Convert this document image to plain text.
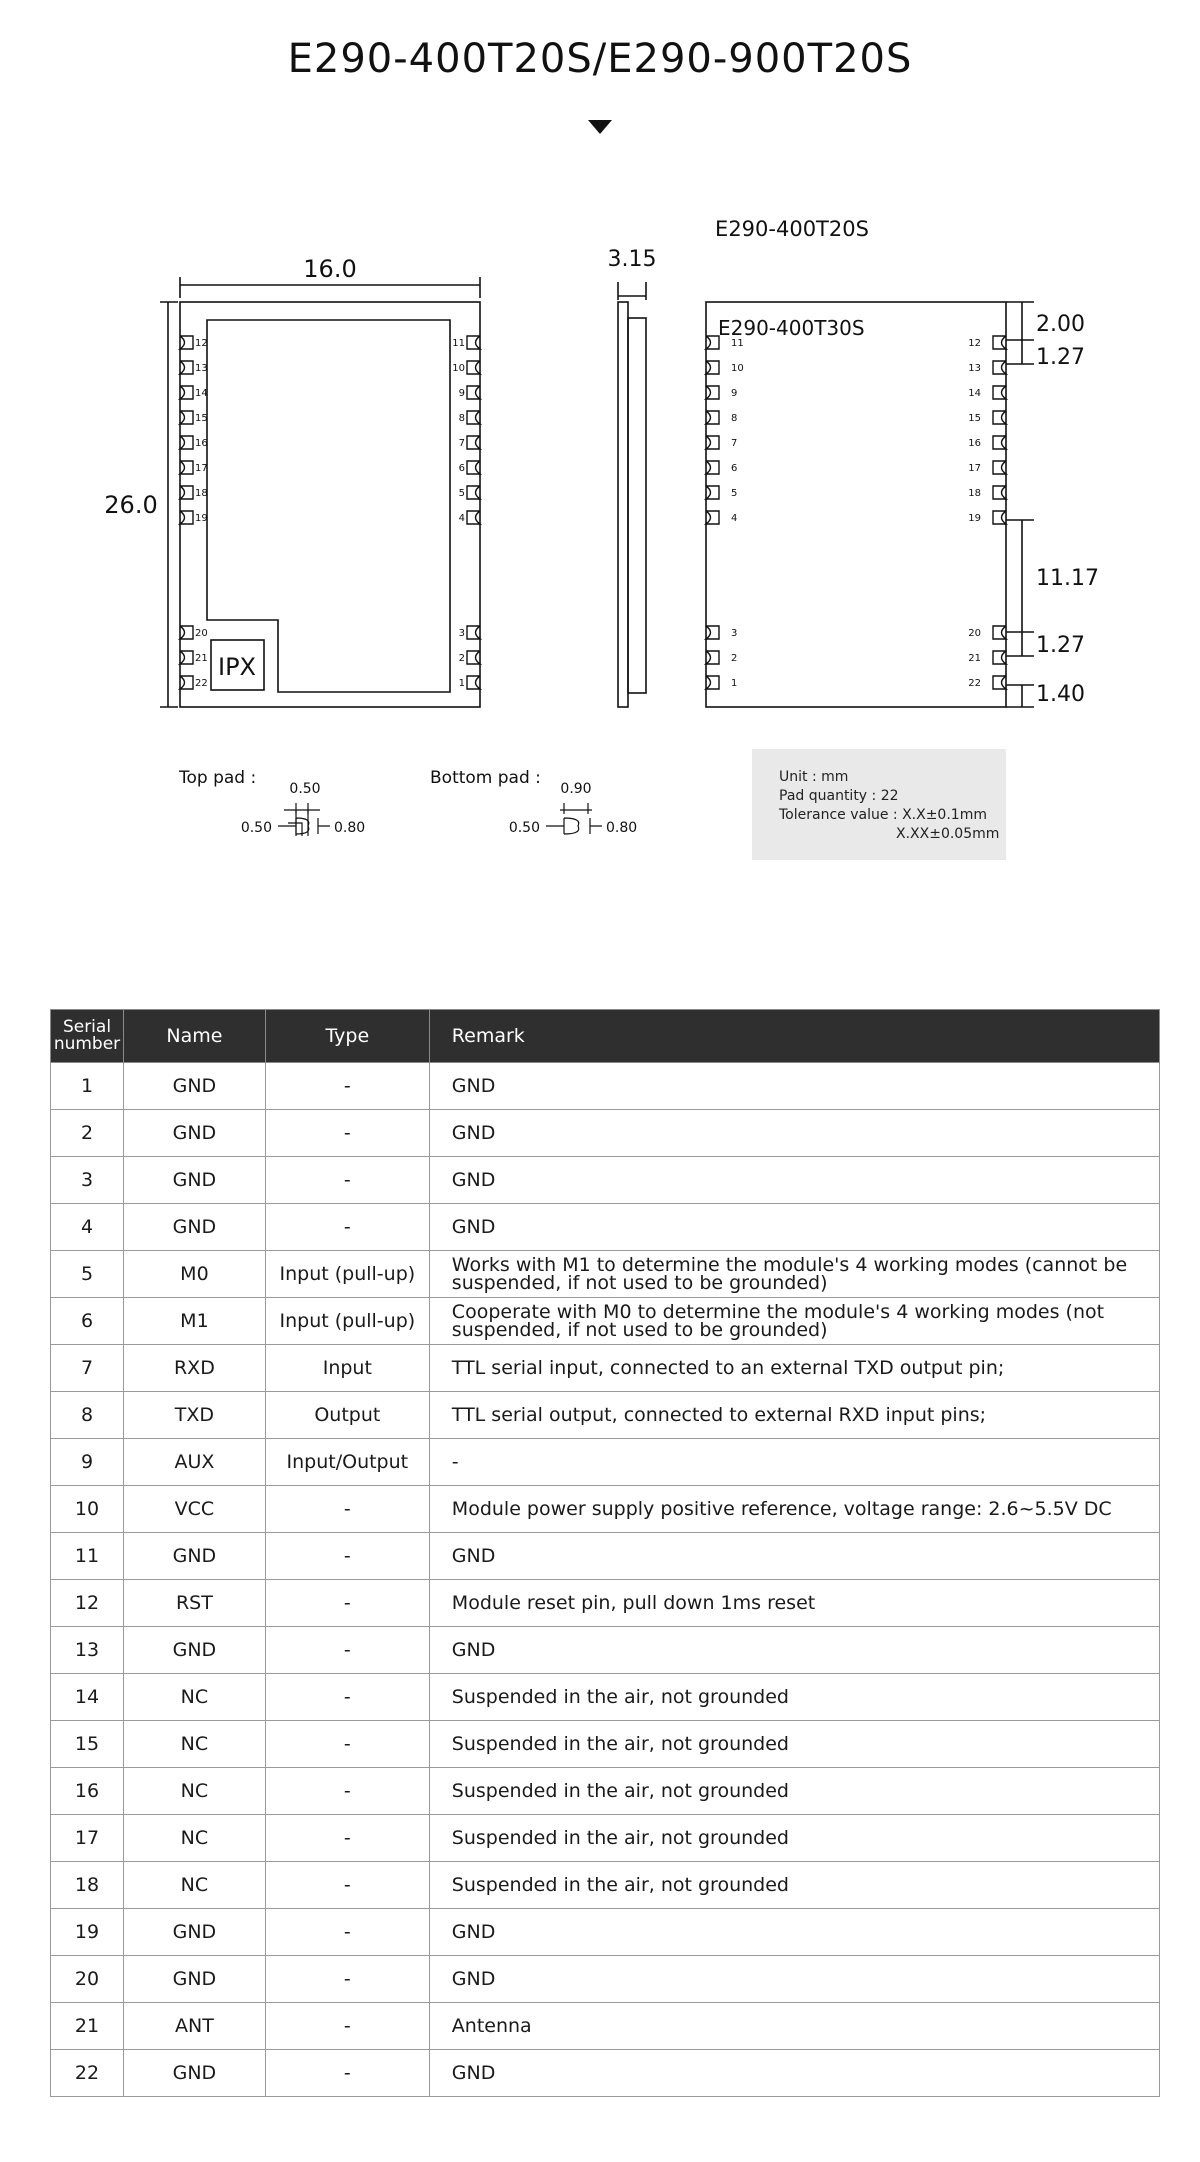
E290-400T20S/E290-900T20S
12
13
14
15
16
17
18
19
20
21
22
11
10
9
8
7
6
5
4
3
2
1
11
10
9
8
7
6
5
4
3
2
1
12
13
14
15
16
17
18
19
20
21
22
16.0
26.0
3.15
IPX
E290-400T20S
E290-400T30S	2.00
1.27
11.17
1.27
1.40
Top pad :
0.50
0.50	0.80
Bottom pad :
0.90
0.50	0.80
Unit : mm
Pad quantity : 22
Tolerance value : X.X±0.1mm
X.XX±0.05mm
Serial
number	Name	Type	Remark
1	GND	-	GND
2	GND	-	GND
3	GND	-	GND
4	GND	-	GND
5	M0	Input (pull-up)	Works with M1 to determine the module's 4 working modes (cannot be suspended, if not used to be grounded)
6	M1	Input (pull-up)	Cooperate with M0 to determine the module's 4 working modes (not suspended, if not used to be grounded)
7	RXD	Input	TTL serial input, connected to an external TXD output pin;
8	TXD	Output	TTL serial output, connected to external RXD input pins;
9	AUX	Input/Output	-
10	VCC	-	Module power supply positive reference, voltage range: 2.6~5.5V DC
11	GND	-	GND
12	RST	-	Module reset pin, pull down 1ms reset
13	GND	-	GND
14	NC	-	Suspended in the air, not grounded
15	NC	-	Suspended in the air, not grounded
16	NC	-	Suspended in the air, not grounded
17	NC	-	Suspended in the air, not grounded
18	NC	-	Suspended in the air, not grounded
19	GND	-	GND
20	GND	-	GND
21	ANT	-	Antenna
22	GND	-	GND
